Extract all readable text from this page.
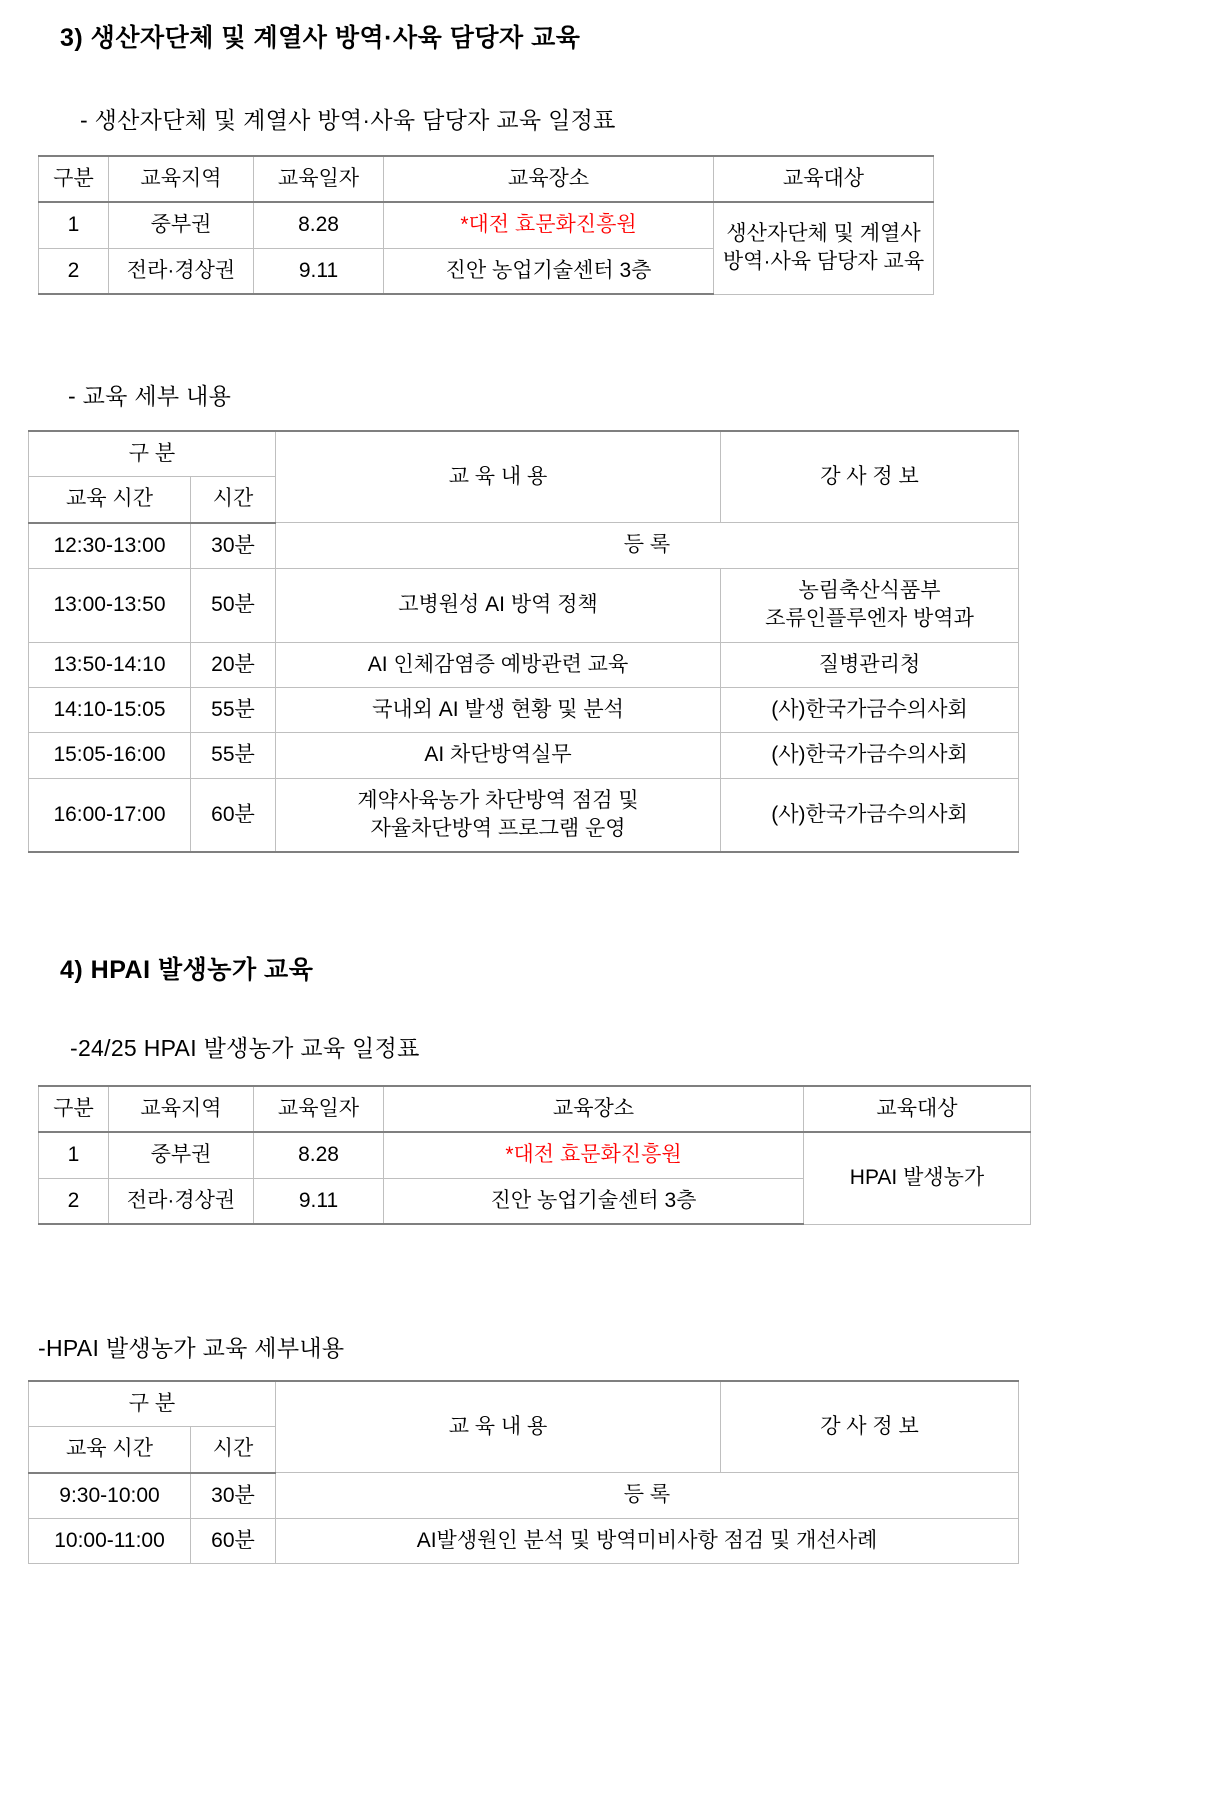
3) 생산자단체 및 계열사 방역·사육 담당자 교육
- 생산자단체 및 계열사 방역·사육 담당자 교육 일정표
구분	교육지역	교육일자	교육장소	교육대상
1	중부권	8.28	*대전 효문화진흥원	생산자단체 및 계열사 방역·사육 담당자 교육
2	전라·경상권	9.11	진안 농업기술센터 3층	
- 교육 세부 내용
구 분		교 육 내 용	강 사 정 보
교육 시간	시간		
12:30-13:00	30분	등 록	
13:00-13:50	50분	고병원성 AI 방역 정책	농림축산식품부
조류인플루엔자 방역과
13:50-14:10	20분	AI 인체감염증 예방관련 교육	질병관리청
14:10-15:05	55분	국내외 AI 발생 현황 및 분석	(사)한국가금수의사회
15:05-16:00	55분	AI 차단방역실무	(사)한국가금수의사회
16:00-17:00	60분	계약사육농가 차단방역 점검 및
자율차단방역 프로그램 운영	(사)한국가금수의사회
4) HPAI 발생농가 교육
-24/25 HPAI 발생농가 교육 일정표
구분	교육지역	교육일자	교육장소	교육대상
1	중부권	8.28	*대전 효문화진흥원	HPAI 발생농가
2	전라·경상권	9.11	진안 농업기술센터 3층	
-HPAI 발생농가 교육 세부내용
구 분		교 육 내 용	강 사 정 보
교육 시간	시간		
9:30-10:00	30분	등 록	
10:00-11:00	60분	AI발생원인 분석 및 방역미비사항 점검 및 개선사례	
